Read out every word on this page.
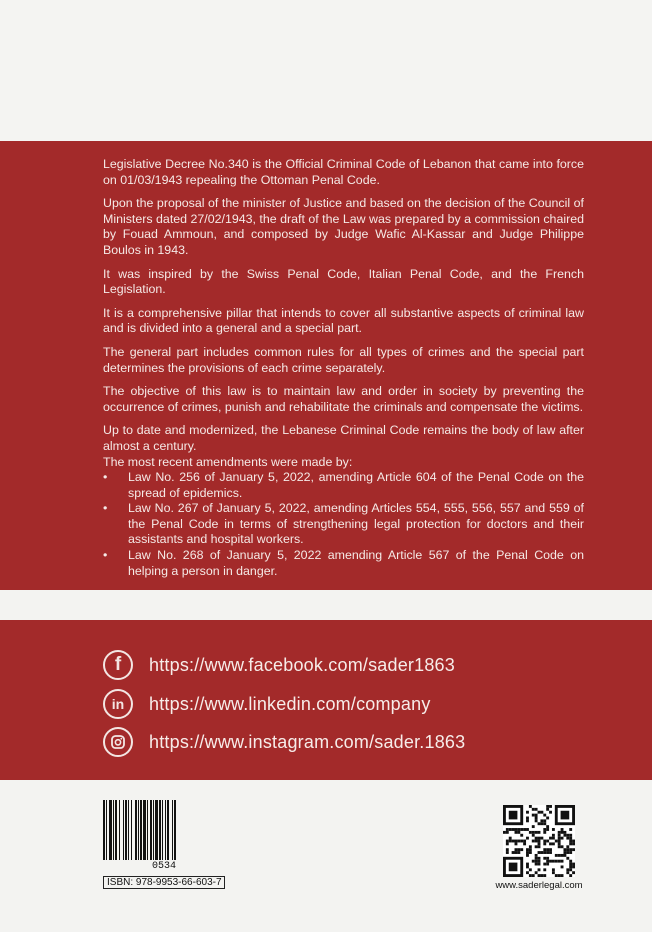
Legislative Decree No.340 is the Official Criminal Code of Lebanon that came into force on 01/03/1943 repealing the Ottoman Penal Code.

Upon the proposal of the minister of Justice and based on the decision of the Council of Ministers dated 27/02/1943, the draft of the Law was prepared by a commission chaired by Fouad Ammoun, and composed by Judge Wafic Al-Kassar and Judge Philippe Boulos in 1943.

It was inspired by the Swiss Penal Code, Italian Penal Code, and the French Legislation.

It is a comprehensive pillar that intends to cover all substantive aspects of criminal law and is divided into a general and a special part.

The general part includes common rules for all types of crimes and the special part determines the provisions of each crime separately.

The objective of this law is to maintain law and order in society by preventing the occurrence of crimes, punish and rehabilitate the criminals and compensate the victims.

Up to date and modernized, the Lebanese Criminal Code remains the body of law after almost a century.

The most recent amendments were made by:

• Law No. 256 of January 5, 2022, amending Article 604 of the Penal Code on the spread of epidemics.
• Law No. 267 of January 5, 2022, amending Articles 554, 555, 556, 557 and 559 of the Penal Code in terms of strengthening legal protection for doctors and their assistants and hospital workers.
• Law No. 268 of January 5, 2022 amending Article 567 of the Penal Code on helping a person in danger.
f	https://www.facebook.com/sader1863
in	https://www.linkedin.com/company
https://www.instagram.com/sader.1863
0534
ISBN: 978-9953-66-603-7	www.saderlegal.com
